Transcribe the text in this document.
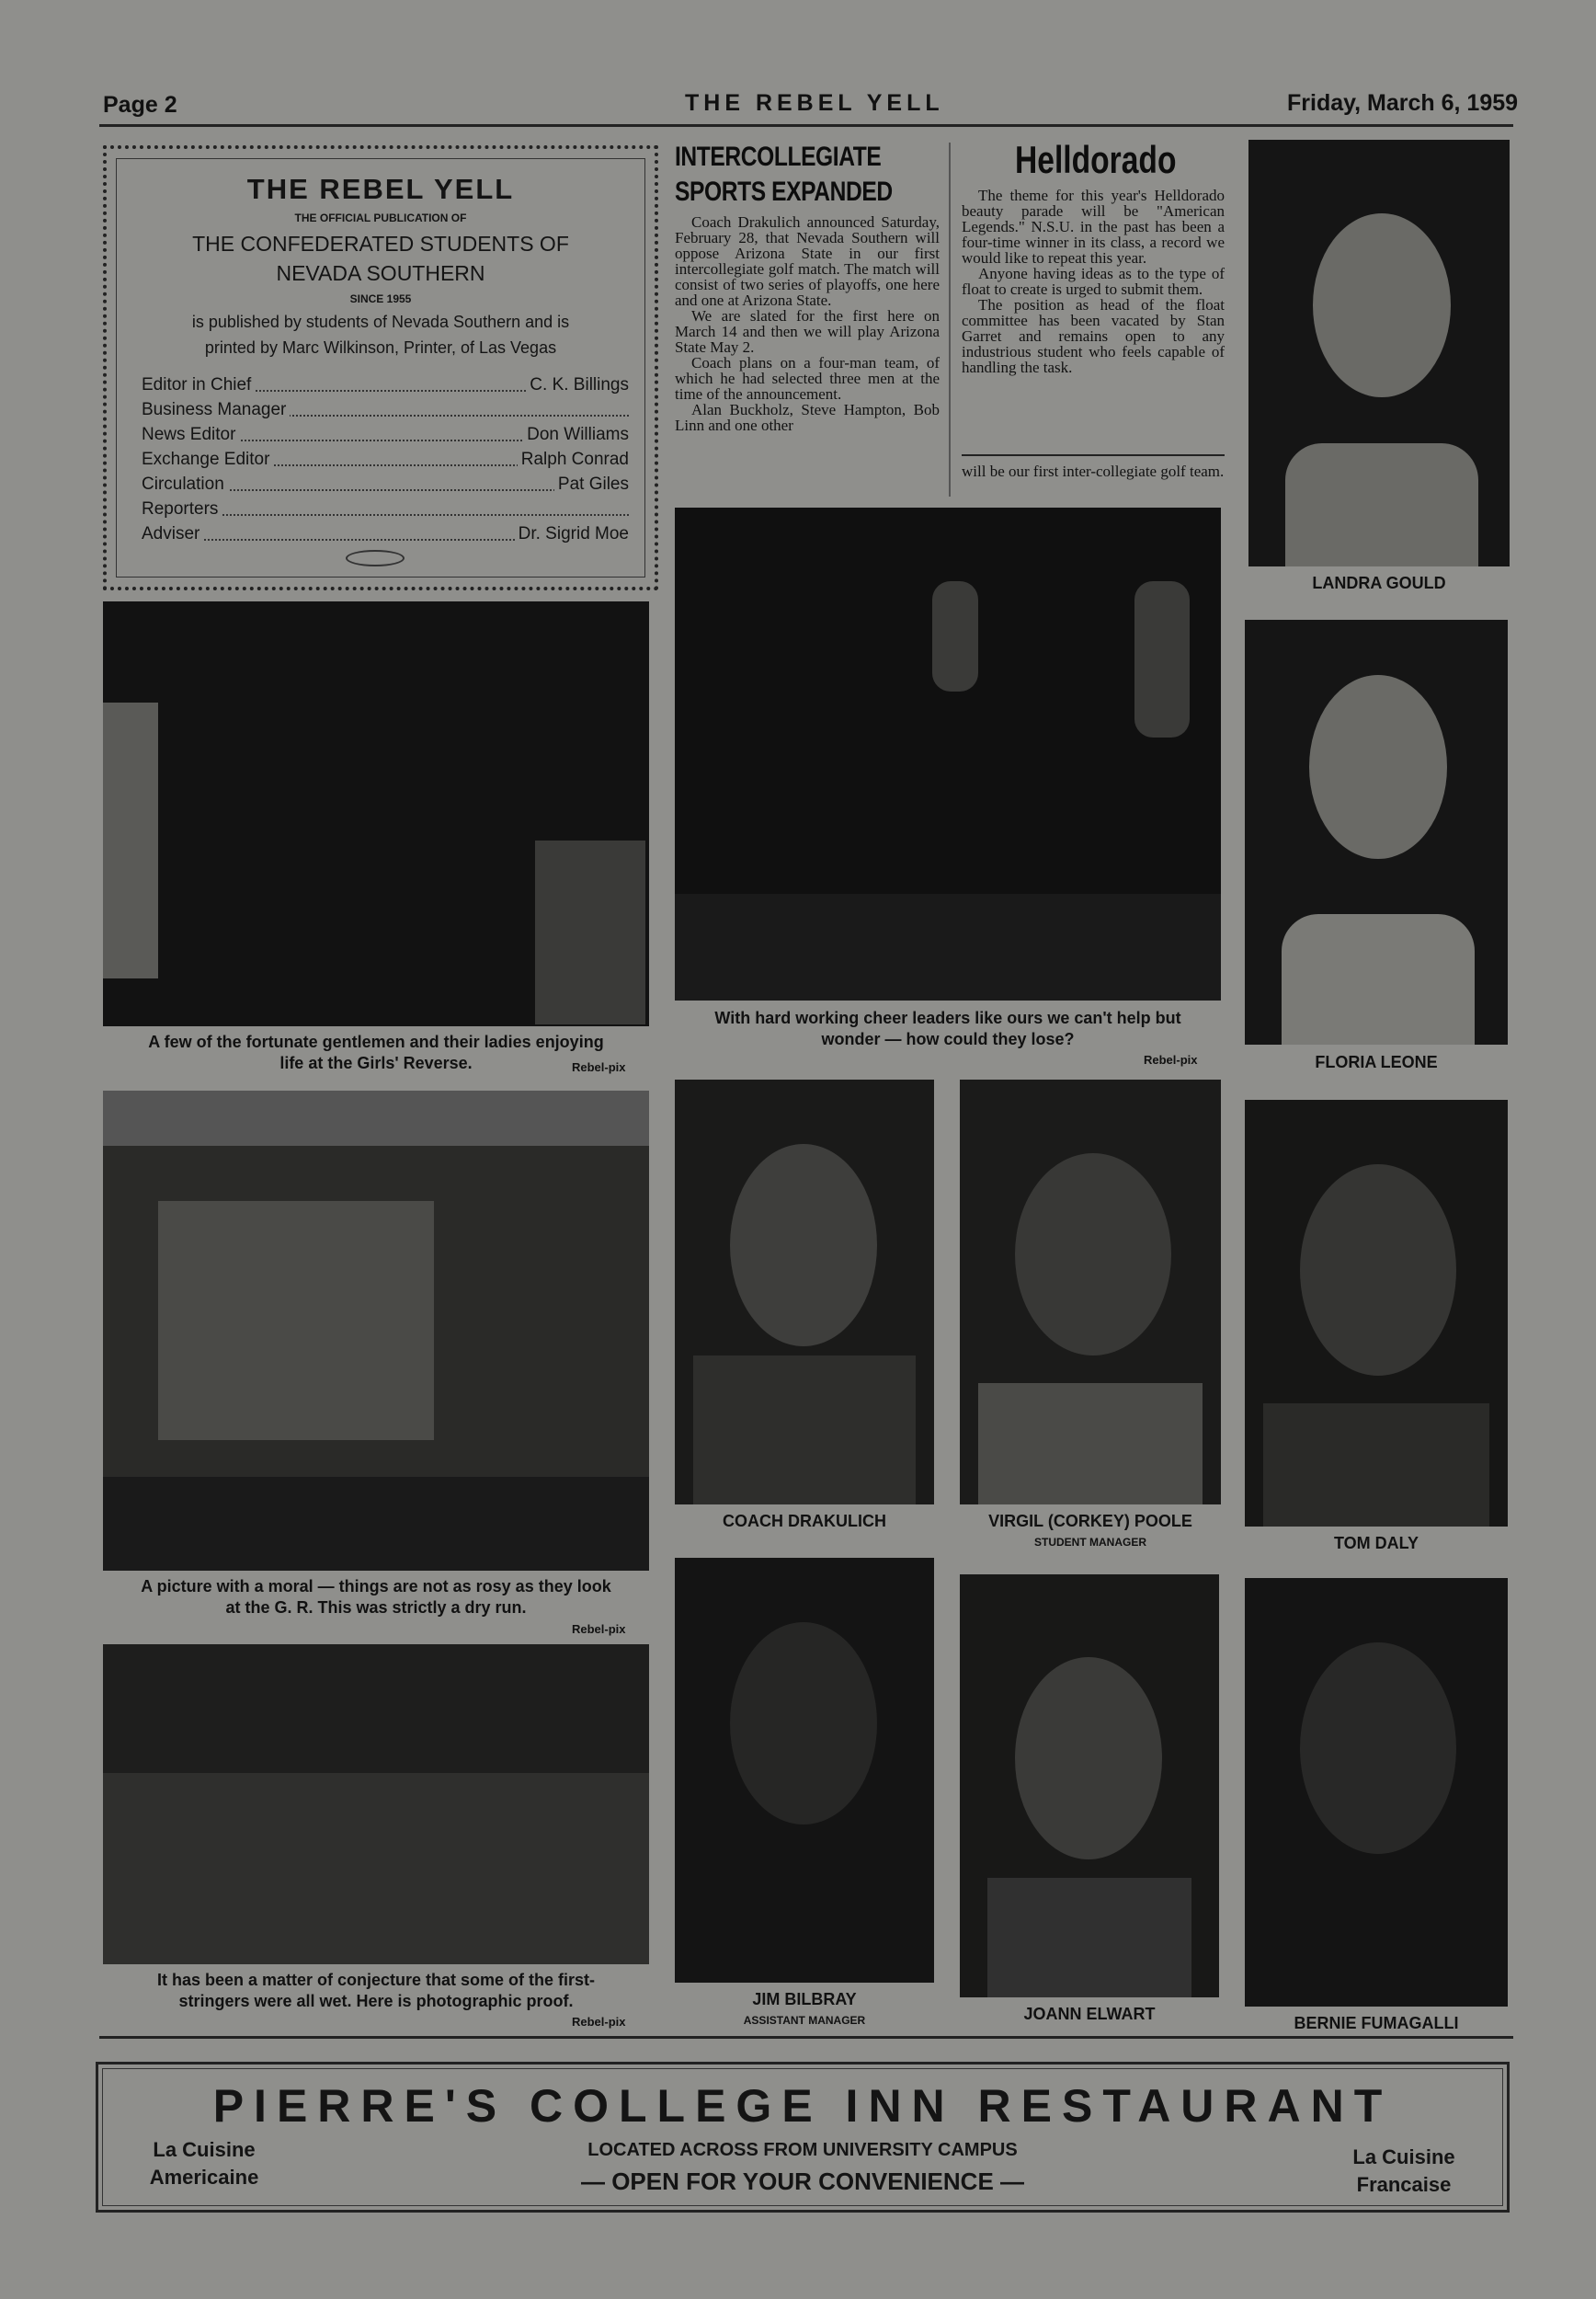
Page 2	THE REBEL YELL	Friday, March 6, 1959
THE REBEL YELL
THE OFFICIAL PUBLICATION OF
THE CONFEDERATED STUDENTS OF
NEVADA SOUTHERN
SINCE 1955
is published by students of Nevada Southern and is
printed by Marc Wilkinson, Printer, of Las Vegas
Editor in Chief	C. K. Billings
Business Manager
News Editor	Don Williams
Exchange Editor	Ralph Conrad
Circulation	Pat Giles
Reporters
Adviser	Dr. Sigrid Moe
A few of the fortunate gentlemen and their ladies enjoying
life at the Girls' Reverse.	Rebel-pix
A picture with a moral — things are not as rosy as they look
at the G. R. This was strictly a dry run.
Rebel-pix
It has been a matter of conjecture that some of the first-
stringers were all wet. Here is photographic proof.
Rebel-pix
INTERCOLLEGIATE
SPORTS EXPANDED

Coach Drakulich announced Saturday, February 28, that Nevada Southern will oppose Arizona State in our first intercollegiate golf match. The match will consist of two series of playoffs, one here and one at Arizona State.

We are slated for the first here on March 14 and then we will play Arizona State May 2.

Coach plans on a four-man team, of which he had selected three men at the time of the announcement.

Alan Buckholz, Steve Hampton, Bob Linn and one other

Helldorado

The theme for this year's Helldorado beauty parade will be "American Legends." N.S.U. in the past has been a four-time winner in its class, a record we would like to repeat this year.

Anyone having ideas as to the type of float to create is urged to submit them.

The position as head of the float committee has been vacated by Stan Garret and remains open to any industrious student who feels capable of handling the task.

will be our first inter-collegiate golf team.

With hard working cheer leaders like ours we can't help but
wonder — how could they lose?
Rebel-pix
LANDRA GOULD
FLORIA LEONE
COACH DRAKULICH	VIRGIL (CORKEY) POOLE
STUDENT MANAGER	TOM DALY
JIM BILBRAY
ASSISTANT MANAGER	JOANN ELWART	BERNIE FUMAGALLI
PIERRE'S COLLEGE INN RESTAURANT
LOCATED ACROSS FROM UNIVERSITY CAMPUS
— OPEN FOR YOUR CONVENIENCE —
La Cuisine
Americaine
La Cuisine
Francaise
